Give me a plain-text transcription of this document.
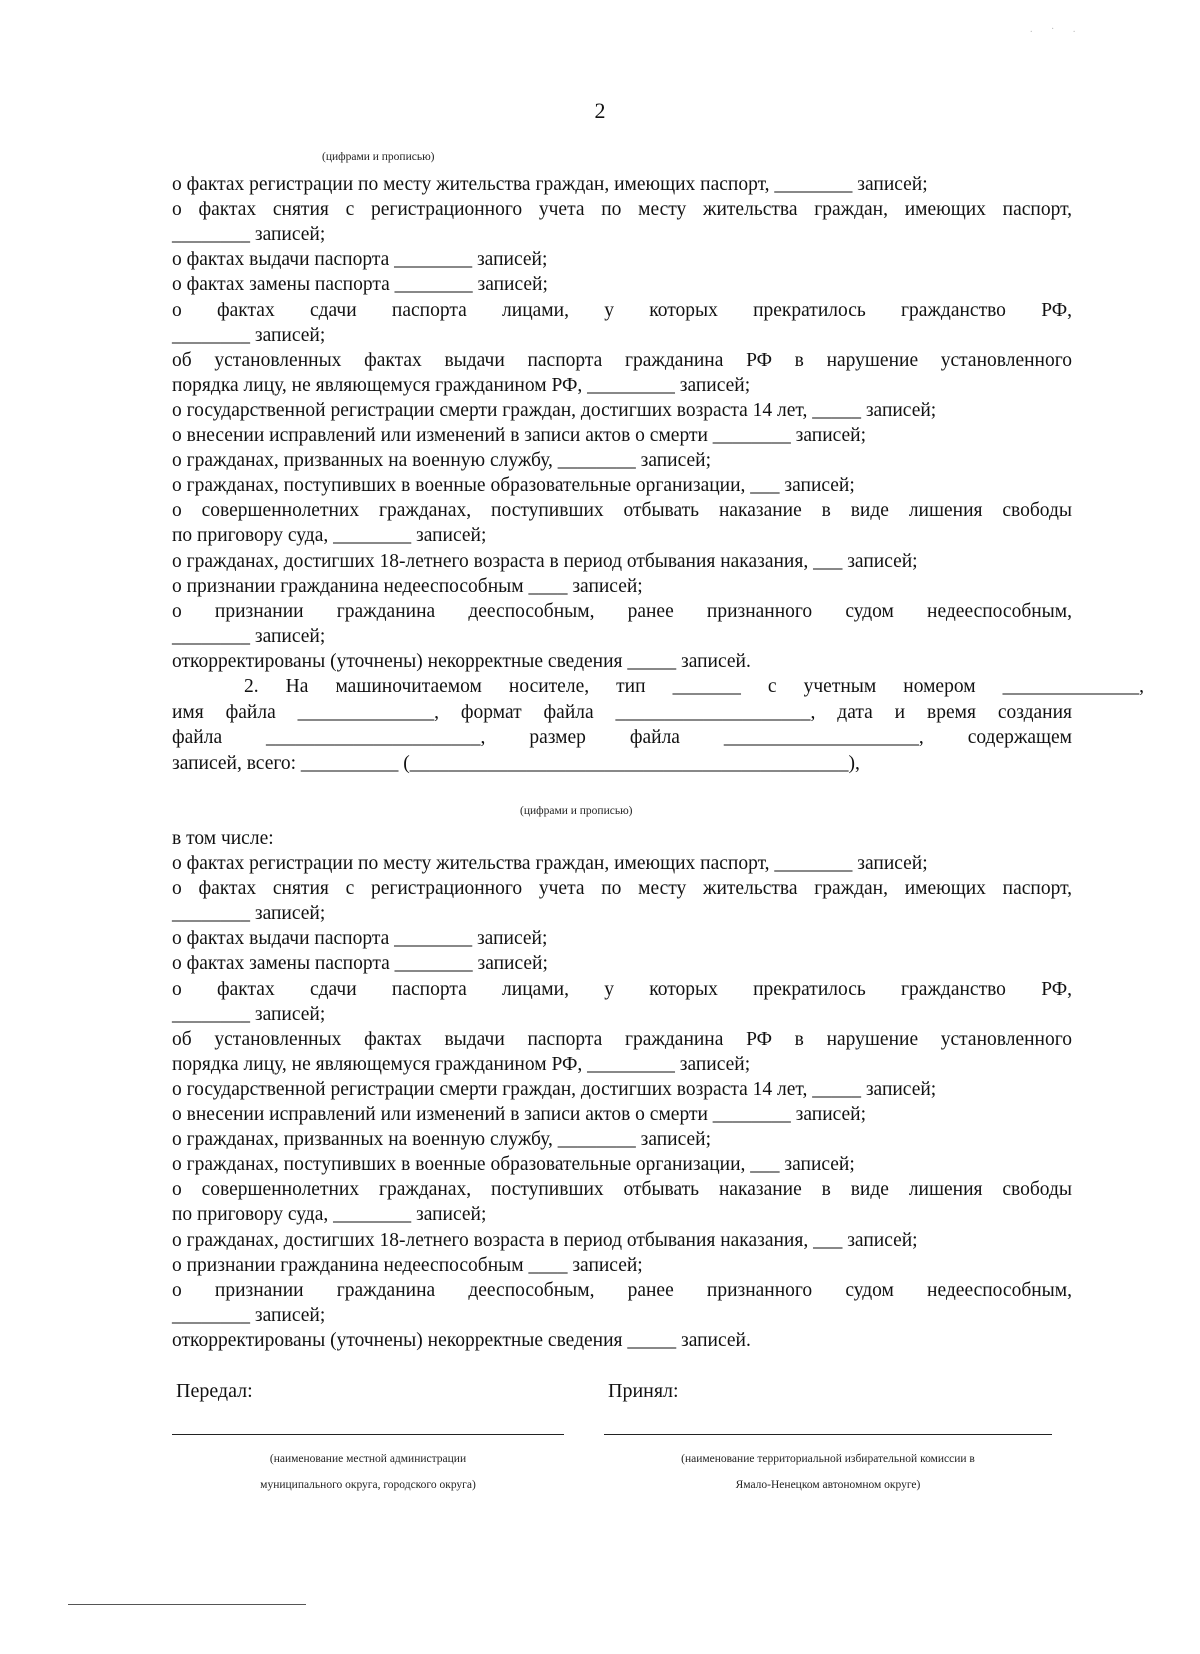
. · .
2
(цифрами и прописью)
о фактах регистрации по месту жительства граждан, имеющих паспорт, ________ записей;
о фактах снятия с регистрационного учета по месту жительства граждан, имеющих паспорт,
________ записей;
о фактах выдачи паспорта ________ записей;
о фактах замены паспорта ________ записей;
о фактах сдачи паспорта лицами, у которых прекратилось гражданство РФ,
________ записей;
об установленных фактах выдачи паспорта гражданина РФ в нарушение установленного
порядка лицу, не являющемуся гражданином РФ, _________ записей;
о государственной регистрации смерти граждан, достигших возраста 14 лет, _____ записей;
о внесении исправлений или изменений в записи актов о смерти ________ записей;
о гражданах, призванных на военную службу, ________ записей;
о гражданах, поступивших в военные образовательные организации, ___ записей;
о совершеннолетних гражданах, поступивших отбывать наказание в виде лишения свободы
по приговору суда, ________ записей;
о гражданах, достигших 18-летнего возраста в период отбывания наказания, ___ записей;
о признании гражданина недееспособным ____ записей;
о признании гражданина дееспособным, ранее признанного судом недееспособным,
________ записей;
откорректированы (уточнены) некорректные сведения _____ записей.
2. На машиночитаемом носителе, тип _______ с учетным номером ______________,
имя файла ______________, формат файла ____________________, дата и время создания
файла ______________________, размер файла ____________________, содержащем
записей, всего: __________ (_____________________________________________),
(цифрами и прописью)
в том числе:
о фактах регистрации по месту жительства граждан, имеющих паспорт, ________ записей;
о фактах снятия с регистрационного учета по месту жительства граждан, имеющих паспорт,
________ записей;
о фактах выдачи паспорта ________ записей;
о фактах замены паспорта ________ записей;
о фактах сдачи паспорта лицами, у которых прекратилось гражданство РФ,
________ записей;
об установленных фактах выдачи паспорта гражданина РФ в нарушение установленного
порядка лицу, не являющемуся гражданином РФ, _________ записей;
о государственной регистрации смерти граждан, достигших возраста 14 лет, _____ записей;
о внесении исправлений или изменений в записи актов о смерти ________ записей;
о гражданах, призванных на военную службу, ________ записей;
о гражданах, поступивших в военные образовательные организации, ___ записей;
о совершеннолетних гражданах, поступивших отбывать наказание в виде лишения свободы
по приговору суда, ________ записей;
о гражданах, достигших 18-летнего возраста в период отбывания наказания, ___ записей;
о признании гражданина недееспособным ____ записей;
о признании гражданина дееспособным, ранее признанного судом недееспособным,
________ записей;
откорректированы (уточнены) некорректные сведения _____ записей.
Передал:	Принял:
(наименование местной администрации
муниципального округа, городского округа)
(наименование территориальной избирательной комиссии в
Ямало-Ненецком автономном округе)
